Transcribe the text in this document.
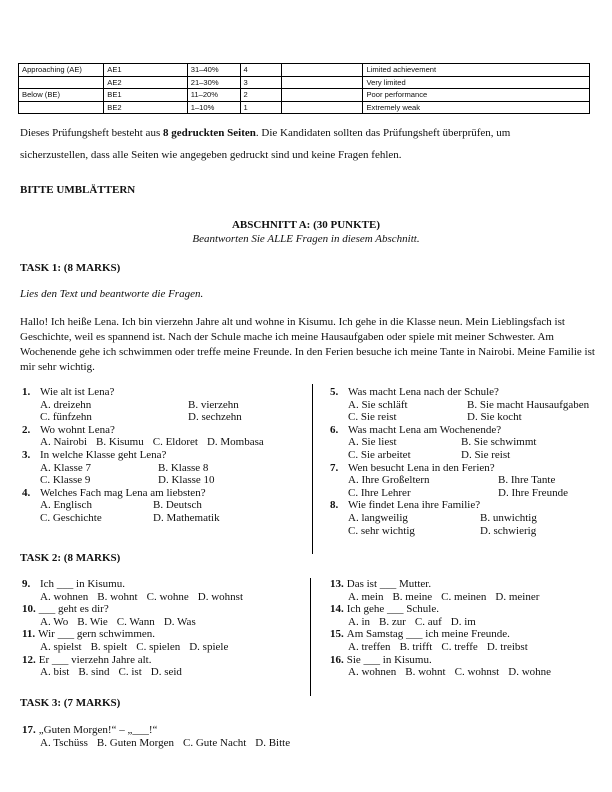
Approaching (AE)	AE1	31–40%	4		Limited achievement
	AE2	21–30%	3		Very limited
Below (BE)	BE1	11–20%	2		Poor performance
	BE2	1–10%	1		Extremely weak
Dieses Prüfungsheft besteht aus 8 gedruckten Seiten. Die Kandidaten sollten das Prüfungsheft überprüfen, um
sicherzustellen, dass alle Seiten wie angegeben gedruckt sind und keine Fragen fehlen.
BITTE UMBLÄTTERN
ABSCHNITT A: (30 PUNKTE)
Beantworten Sie ALLE Fragen in diesem Abschnitt.
TASK 1: (8 MARKS)
Lies den Text und beantworte die Fragen.
Hallo! Ich heiße Lena. Ich bin vierzehn Jahre alt und wohne in Kisumu. Ich gehe in die Klasse neun. Mein Lieblingsfach ist Geschichte, weil es spannend ist. Nach der Schule mache ich meine Hausaufgaben oder spiele mit meiner Schwester. Am Wochenende gehe ich schwimmen oder treffe meine Freunde. In den Ferien besuche ich meine Tante in Nairobi. Meine Familie ist mir sehr wichtig.
1. Wie alt ist Lena?
A. dreizehn	B. vierzehn
C. fünfzehn	D. sechzehn
2. Wo wohnt Lena?
A. Nairobi B. Kisumu C. Eldoret D. Mombasa
3. In welche Klasse geht Lena?
A. Klasse 7	B. Klasse 8
C. Klasse 9	D. Klasse 10
4. Welches Fach mag Lena am liebsten?
A. Englisch	B. Deutsch
C. Geschichte	D. Mathematik
5. Was macht Lena nach der Schule?
A. Sie schläft	B. Sie macht Hausaufgaben
C. Sie reist	D. Sie kocht
6. Was macht Lena am Wochenende?
A. Sie liest	B. Sie schwimmt
C. Sie arbeitet	D. Sie reist
7. Wen besucht Lena in den Ferien?
A. Ihre Großeltern	B. Ihre Tante
C. Ihre Lehrer	D. Ihre Freunde
8. Wie findet Lena ihre Familie?
A. langweilig	B. unwichtig
C. sehr wichtig	D. schwierig
TASK 2: (8 MARKS)
9. Ich ___ in Kisumu.
A. wohnen B. wohnt C. wohne D. wohnst
10. ___ geht es dir?
A. Wo B. Wie C. Wann D. Was
11. Wir ___ gern schwimmen.
A. spielst B. spielt C. spielen D. spiele
12. Er ___ vierzehn Jahre alt.
A. bist B. sind C. ist D. seid
13. Das ist ___ Mutter.
A. mein B. meine C. meinen D. meiner
14. Ich gehe ___ Schule.
A. in B. zur C. auf D. im
15. Am Samstag ___ ich meine Freunde.
A. treffen B. trifft C. treffe D. treibst
16. Sie ___ in Kisumu.
A. wohnen B. wohnt C. wohnst D. wohne
TASK 3: (7 MARKS)
17. „Guten Morgen!“ – „___!“
A. Tschüss B. Guten Morgen C. Gute Nacht D. Bitte
